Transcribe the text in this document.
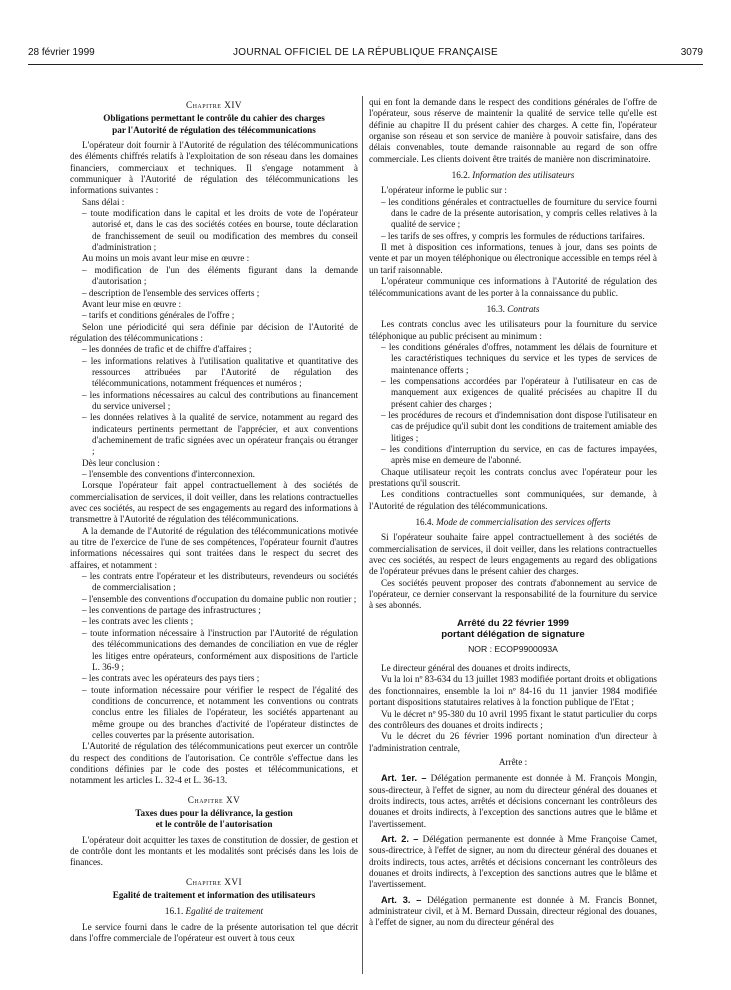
28 février 1999	JOURNAL OFFICIEL DE LA RÉPUBLIQUE FRANÇAISE	3079

Chapitre XIV

Obligations permettant le contrôle du cahier des charges
par l'Autorité de régulation des télécommunications

L'opérateur doit fournir à l'Autorité de régulation des télécommunications des éléments chiffrés relatifs à l'exploitation de son réseau dans les domaines financiers, commerciaux et techniques. Il s'engage notamment à communiquer à l'Autorité de régulation des télécommunications les informations suivantes :

Sans délai :

– toute modification dans le capital et les droits de vote de l'opérateur autorisé et, dans le cas des sociétés cotées en bourse, toute déclaration de franchissement de seuil ou modification des membres du conseil d'administration ;

Au moins un mois avant leur mise en œuvre :

– modification de l'un des éléments figurant dans la demande d'autorisation ;

– description de l'ensemble des services offerts ;

Avant leur mise en œuvre :

– tarifs et conditions générales de l'offre ;

Selon une périodicité qui sera définie par décision de l'Autorité de régulation des télécommunications :

– les données de trafic et de chiffre d'affaires ;

– les informations relatives à l'utilisation qualitative et quantitative des ressources attribuées par l'Autorité de régulation des télécommunications, notamment fréquences et numéros ;

– les informations nécessaires au calcul des contributions au financement du service universel ;

– les données relatives à la qualité de service, notamment au regard des indicateurs pertinents permettant de l'apprécier, et aux conventions d'acheminement de trafic signées avec un opérateur français ou étranger ;

Dès leur conclusion :

– l'ensemble des conventions d'interconnexion.

Lorsque l'opérateur fait appel contractuellement à des sociétés de commercialisation de services, il doit veiller, dans les relations contractuelles avec ces sociétés, au respect de ses engagements au regard des informations à transmettre à l'Autorité de régulation des télécommunications.

A la demande de l'Autorité de régulation des télécommunications motivée au titre de l'exercice de l'une de ses compétences, l'opérateur fournit d'autres informations nécessaires qui sont traitées dans le respect du secret des affaires, et notamment :

– les contrats entre l'opérateur et les distributeurs, revendeurs ou sociétés de commercialisation ;

– l'ensemble des conventions d'occupation du domaine public non routier ;

– les conventions de partage des infrastructures ;

– les contrats avec les clients ;

– toute information nécessaire à l'instruction par l'Autorité de régulation des télécommunications des demandes de conciliation en vue de régler les litiges entre opérateurs, conformément aux dispositions de l'article L. 36-9 ;

– les contrats avec les opérateurs des pays tiers ;

– toute information nécessaire pour vérifier le respect de l'égalité des conditions de concurrence, et notamment les conventions ou contrats conclus entre les filiales de l'opérateur, les sociétés appartenant au même groupe ou des branches d'activité de l'opérateur distinctes de celles couvertes par la présente autorisation.

L'Autorité de régulation des télécommunications peut exercer un contrôle du respect des conditions de l'autorisation. Ce contrôle s'effectue dans les conditions définies par le code des postes et télécommunications, et notamment les articles L. 32-4 et L. 36-13.

Chapitre XV

Taxes dues pour la délivrance, la gestion
et le contrôle de l'autorisation

L'opérateur doit acquitter les taxes de constitution de dossier, de gestion et de contrôle dont les montants et les modalités sont précisés dans les lois de finances.

Chapitre XVI

Egalité de traitement et information des utilisateurs

16.1. Egalité de traitement

Le service fourni dans le cadre de la présente autorisation tel que décrit dans l'offre commerciale de l'opérateur est ouvert à tous ceux

qui en font la demande dans le respect des conditions générales de l'offre de l'opérateur, sous réserve de maintenir la qualité de service telle qu'elle est définie au chapitre II du présent cahier des charges. A cette fin, l'opérateur organise son réseau et son service de manière à pouvoir satisfaire, dans des délais convenables, toute demande raisonnable au regard de son offre commerciale. Les clients doivent être traités de manière non discriminatoire.

16.2. Information des utilisateurs

L'opérateur informe le public sur :

– les conditions générales et contractuelles de fourniture du service fourni dans le cadre de la présente autorisation, y compris celles relatives à la qualité de service ;

– les tarifs de ses offres, y compris les formules de réductions tarifaires.

Il met à disposition ces informations, tenues à jour, dans ses points de vente et par un moyen téléphonique ou électronique accessible en temps réel à un tarif raisonnable.

L'opérateur communique ces informations à l'Autorité de régulation des télécommunications avant de les porter à la connaissance du public.

16.3. Contrats

Les contrats conclus avec les utilisateurs pour la fourniture du service téléphonique au public précisent au minimum :

– les conditions générales d'offres, notamment les délais de fourniture et les caractéristiques techniques du service et les types de services de maintenance offerts ;

– les compensations accordées par l'opérateur à l'utilisateur en cas de manquement aux exigences de qualité précisées au chapitre II du présent cahier des charges ;

– les procédures de recours et d'indemnisation dont dispose l'utilisateur en cas de préjudice qu'il subit dont les conditions de traitement amiable des litiges ;

– les conditions d'interruption du service, en cas de factures impayées, après mise en demeure de l'abonné.

Chaque utilisateur reçoit les contrats conclus avec l'opérateur pour les prestations qu'il souscrit.

Les conditions contractuelles sont communiquées, sur demande, à l'Autorité de régulation des télécommunications.

16.4. Mode de commercialisation des services offerts

Si l'opérateur souhaite faire appel contractuellement à des sociétés de commercialisation de services, il doit veiller, dans les relations contractuelles avec ces sociétés, au respect de leurs engagements au regard des obligations de l'opérateur prévues dans le présent cahier des charges.

Ces sociétés peuvent proposer des contrats d'abonnement au service de l'opérateur, ce dernier conservant la responsabilité de la fourniture du service à ses abonnés.

Arrêté du 22 février 1999
portant délégation de signature

NOR : ECOP9900093A

Le directeur général des douanes et droits indirects,

Vu la loi nº 83-634 du 13 juillet 1983 modifiée portant droits et obligations des fonctionnaires, ensemble la loi nº 84-16 du 11 janvier 1984 modifiée portant dispositions statutaires relatives à la fonction publique de l'Etat ;

Vu le décret nº 95-380 du 10 avril 1995 fixant le statut particulier du corps des contrôleurs des douanes et droits indirects ;

Vu le décret du 26 février 1996 portant nomination d'un directeur à l'administration centrale,

Arrête :

Art. 1er. – Délégation permanente est donnée à M. François Mongin, sous-directeur, à l'effet de signer, au nom du directeur général des douanes et droits indirects, tous actes, arrêtés et décisions concernant les contrôleurs des douanes et droits indirects, à l'exception des sanctions autres que le blâme et l'avertissement.

Art. 2. – Délégation permanente est donnée à Mme Françoise Camet, sous-directrice, à l'effet de signer, au nom du directeur général des douanes et droits indirects, tous actes, arrêtés et décisions concernant les contrôleurs des douanes et droits indirects, à l'exception des sanctions autres que le blâme et l'avertissement.

Art. 3. – Délégation permanente est donnée à M. Francis Bonnet, administrateur civil, et à M. Bernard Dussain, directeur régional des douanes, à l'effet de signer, au nom du directeur général des
